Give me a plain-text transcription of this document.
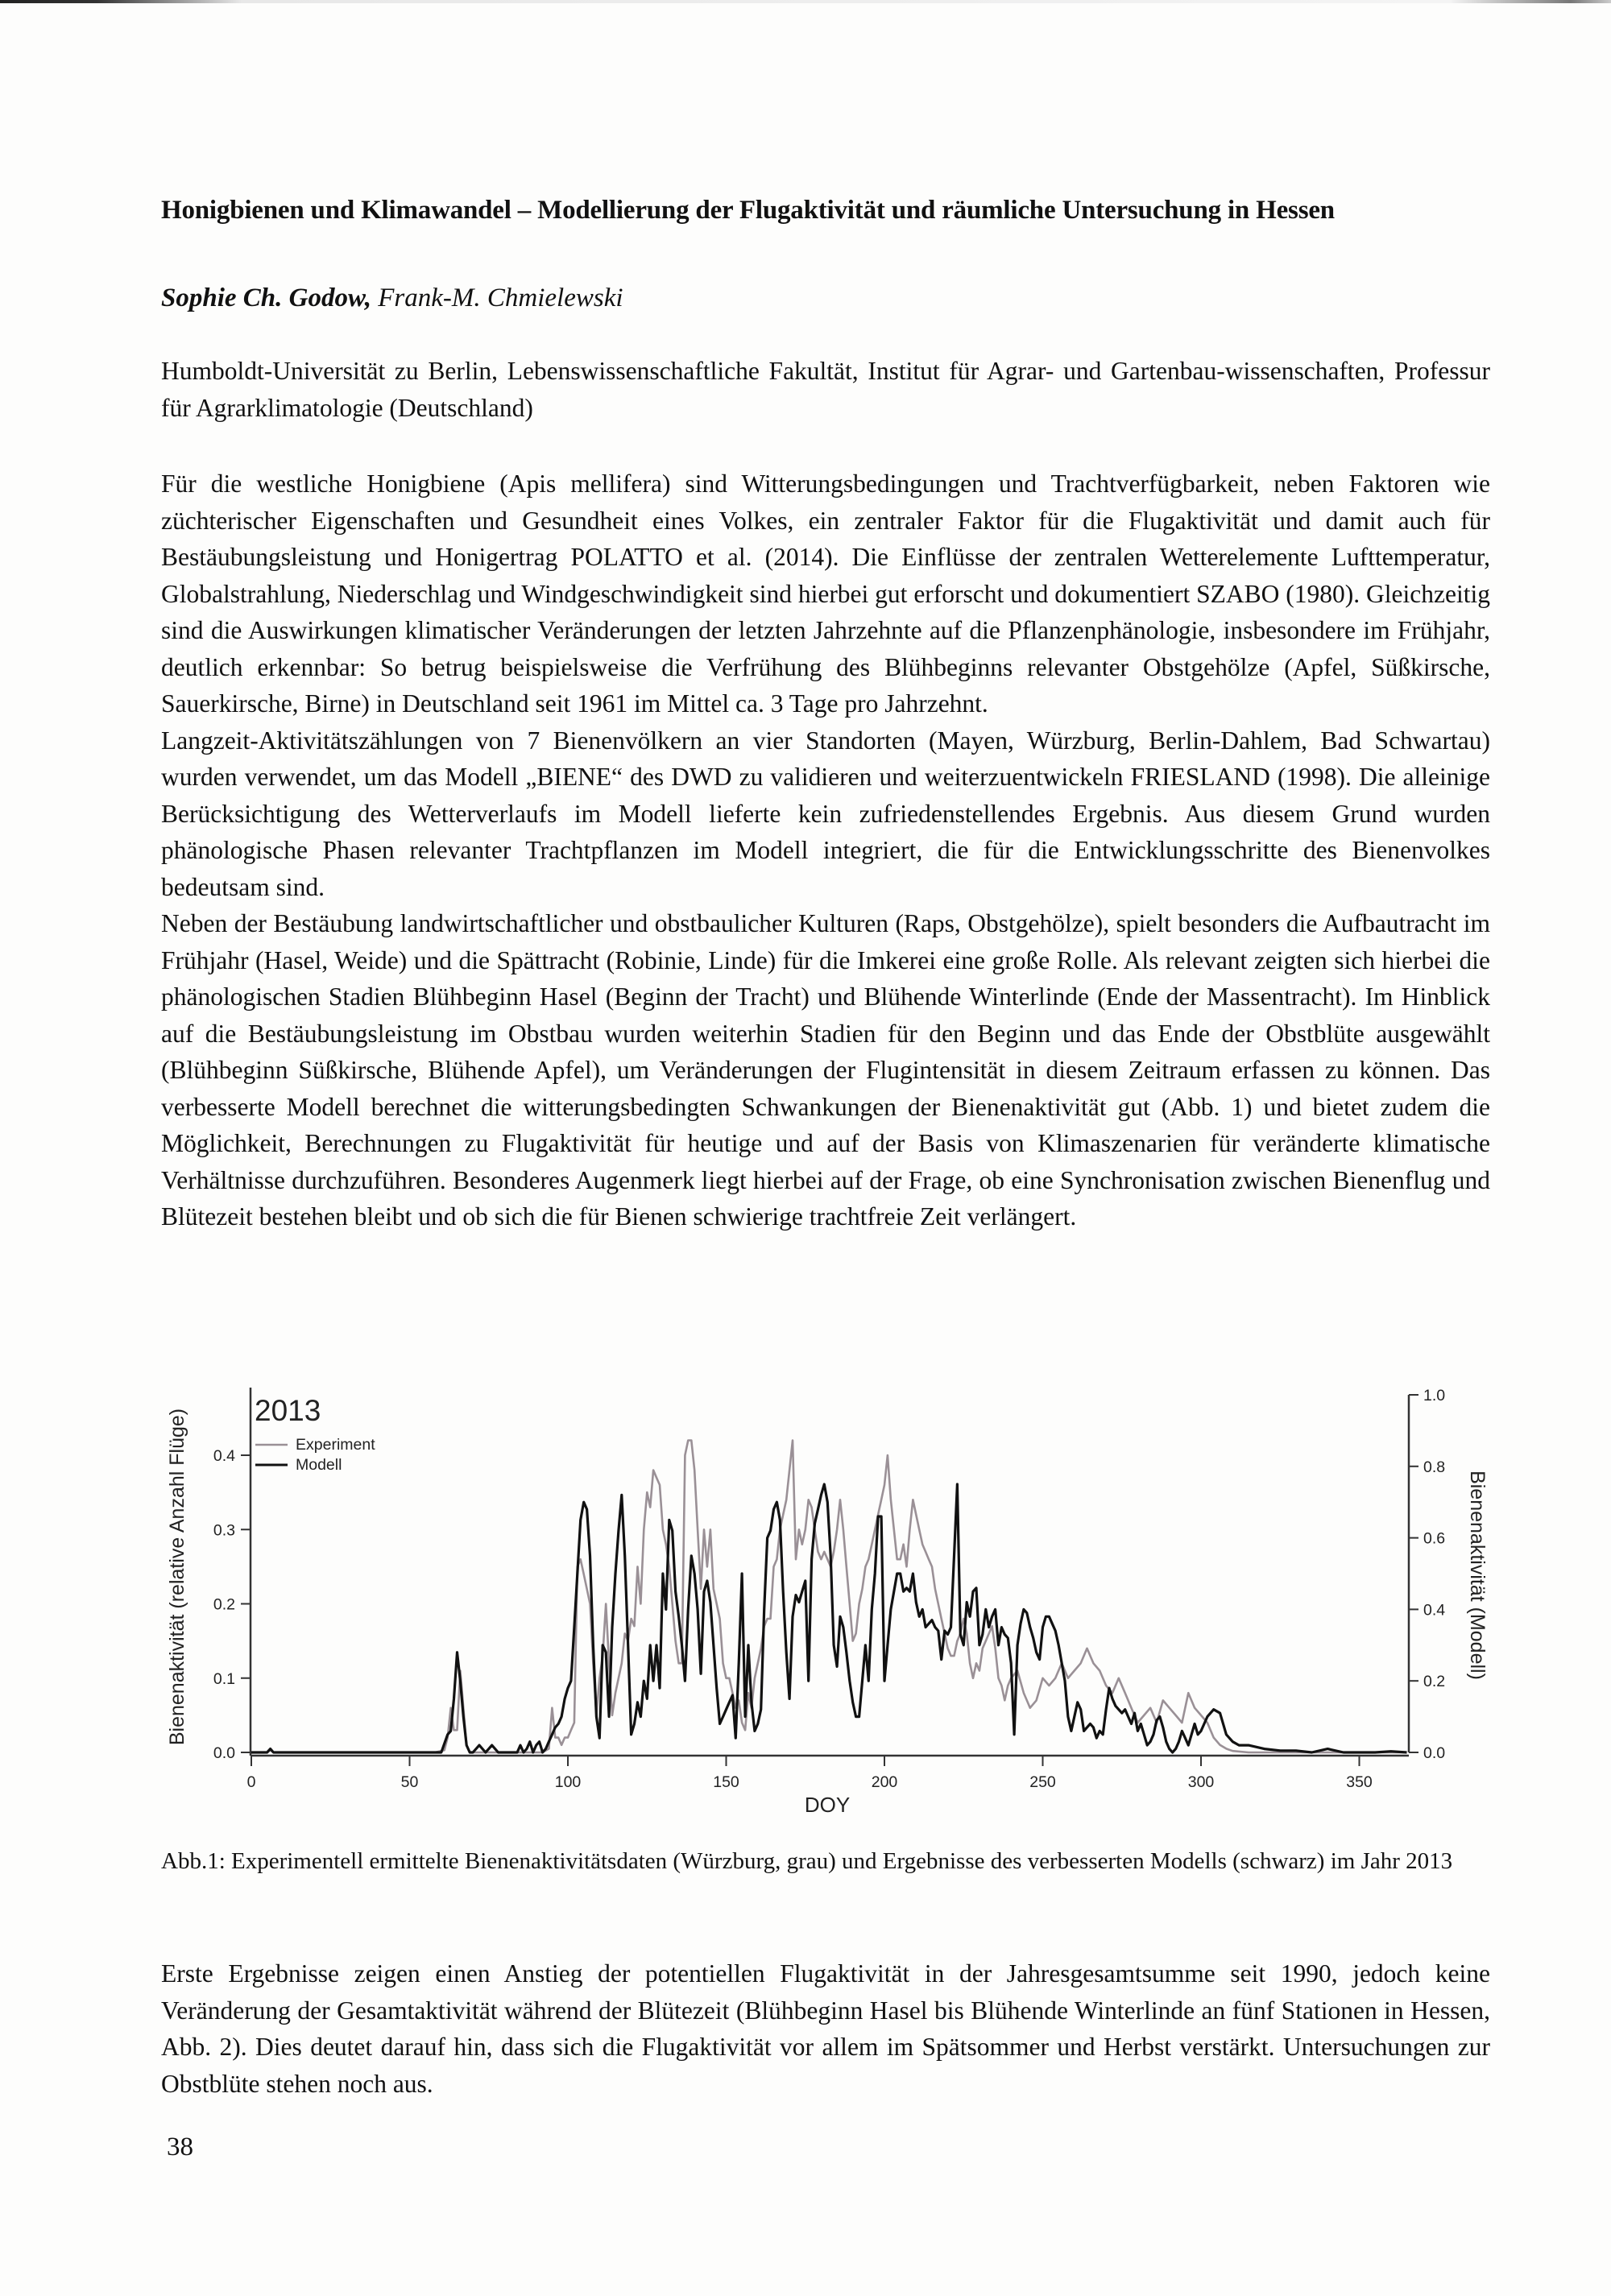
Honigbienen und Klimawandel – Modellierung der Flugaktivität und räumliche Untersuchung in Hessen
Sophie Ch. Godow, Frank-M. Chmielewski
Humboldt-Universität zu Berlin, Lebenswissenschaftliche Fakultät, Institut für Agrar- und Gartenbau-wissenschaften, Professur für Agrarklimatologie (Deutschland)

Für die westliche Honigbiene (Apis mellifera) sind Witterungsbedingungen und Trachtverfügbarkeit, neben Faktoren wie züchterischer Eigenschaften und Gesundheit eines Volkes, ein zentraler Faktor für die Flugaktivität und damit auch für Bestäubungsleistung und Honigertrag POLATTO et al. (2014). Die Einflüsse der zentralen Wetterelemente Lufttemperatur, Globalstrahlung, Niederschlag und Windgeschwindigkeit sind hierbei gut erforscht und dokumentiert SZABO (1980). Gleichzeitig sind die Auswirkungen klimatischer Veränderungen der letzten Jahrzehnte auf die Pflanzenphänologie, insbesondere im Frühjahr, deutlich erkennbar: So betrug beispielsweise die Verfrühung des Blühbeginns relevanter Obstgehölze (Apfel, Süßkirsche, Sauerkirsche, Birne) in Deutschland seit 1961 im Mittel ca. 3 Tage pro Jahrzehnt.

Langzeit-Aktivitätszählungen von 7 Bienenvölkern an vier Standorten (Mayen, Würzburg, Berlin-Dahlem, Bad Schwartau) wurden verwendet, um das Modell „BIENE“ des DWD zu validieren und weiterzuentwickeln FRIESLAND (1998). Die alleinige Berücksichtigung des Wetterverlaufs im Modell lieferte kein zufriedenstellendes Ergebnis. Aus diesem Grund wurden phänologische Phasen relevanter Trachtpflanzen im Modell integriert, die für die Entwicklungsschritte des Bienenvolkes bedeutsam sind.

Neben der Bestäubung landwirtschaftlicher und obstbaulicher Kulturen (Raps, Obstgehölze), spielt besonders die Aufbautracht im Frühjahr (Hasel, Weide) und die Spättracht (Robinie, Linde) für die Imkerei eine große Rolle. Als relevant zeigten sich hierbei die phänologischen Stadien Blühbeginn Hasel (Beginn der Tracht) und Blühende Winterlinde (Ende der Massentracht). Im Hinblick auf die Bestäubungsleistung im Obstbau wurden weiterhin Stadien für den Beginn und das Ende der Obstblüte ausgewählt (Blühbeginn Süßkirsche, Blühende Apfel), um Veränderungen der Flugintensität in diesem Zeitraum erfassen zu können. Das verbesserte Modell berechnet die witterungsbedingten Schwankungen der Bienenaktivität gut (Abb. 1) und bietet zudem die Möglichkeit, Berechnungen zu Flugaktivität für heutige und auf der Basis von Klimaszenarien für veränderte klimatische Verhältnisse durchzuführen. Besonderes Augenmerk liegt hierbei auf der Frage, ob eine Synchronisation zwischen Bienenflug und Blütezeit bestehen bleibt und ob sich die für Bienen schwierige trachtfreie Zeit verlängert.

0.0
0.1
0.2
0.3
0.4
0.0
0.2
0.4
0.6
0.8
1.0
0	50	100	150	200	250	300	350
2013
Experiment
Modell
Bienenaktivität (relative Anzahl Flüge)	Bienenaktivität (Modell)
DOY
Abb.1: Experimentell ermittelte Bienenaktivitätsdaten (Würzburg, grau) und Ergebnisse des verbesserten Modells (schwarz) im Jahr 2013

Erste Ergebnisse zeigen einen Anstieg der potentiellen Flugaktivität in der Jahresgesamtsumme seit 1990, jedoch keine Veränderung der Gesamtaktivität während der Blütezeit (Blühbeginn Hasel bis Blühende Winterlinde an fünf Stationen in Hessen, Abb. 2). Dies deutet darauf hin, dass sich die Flugaktivität vor allem im Spätsommer und Herbst verstärkt. Untersuchungen zur Obstblüte stehen noch aus.

38
